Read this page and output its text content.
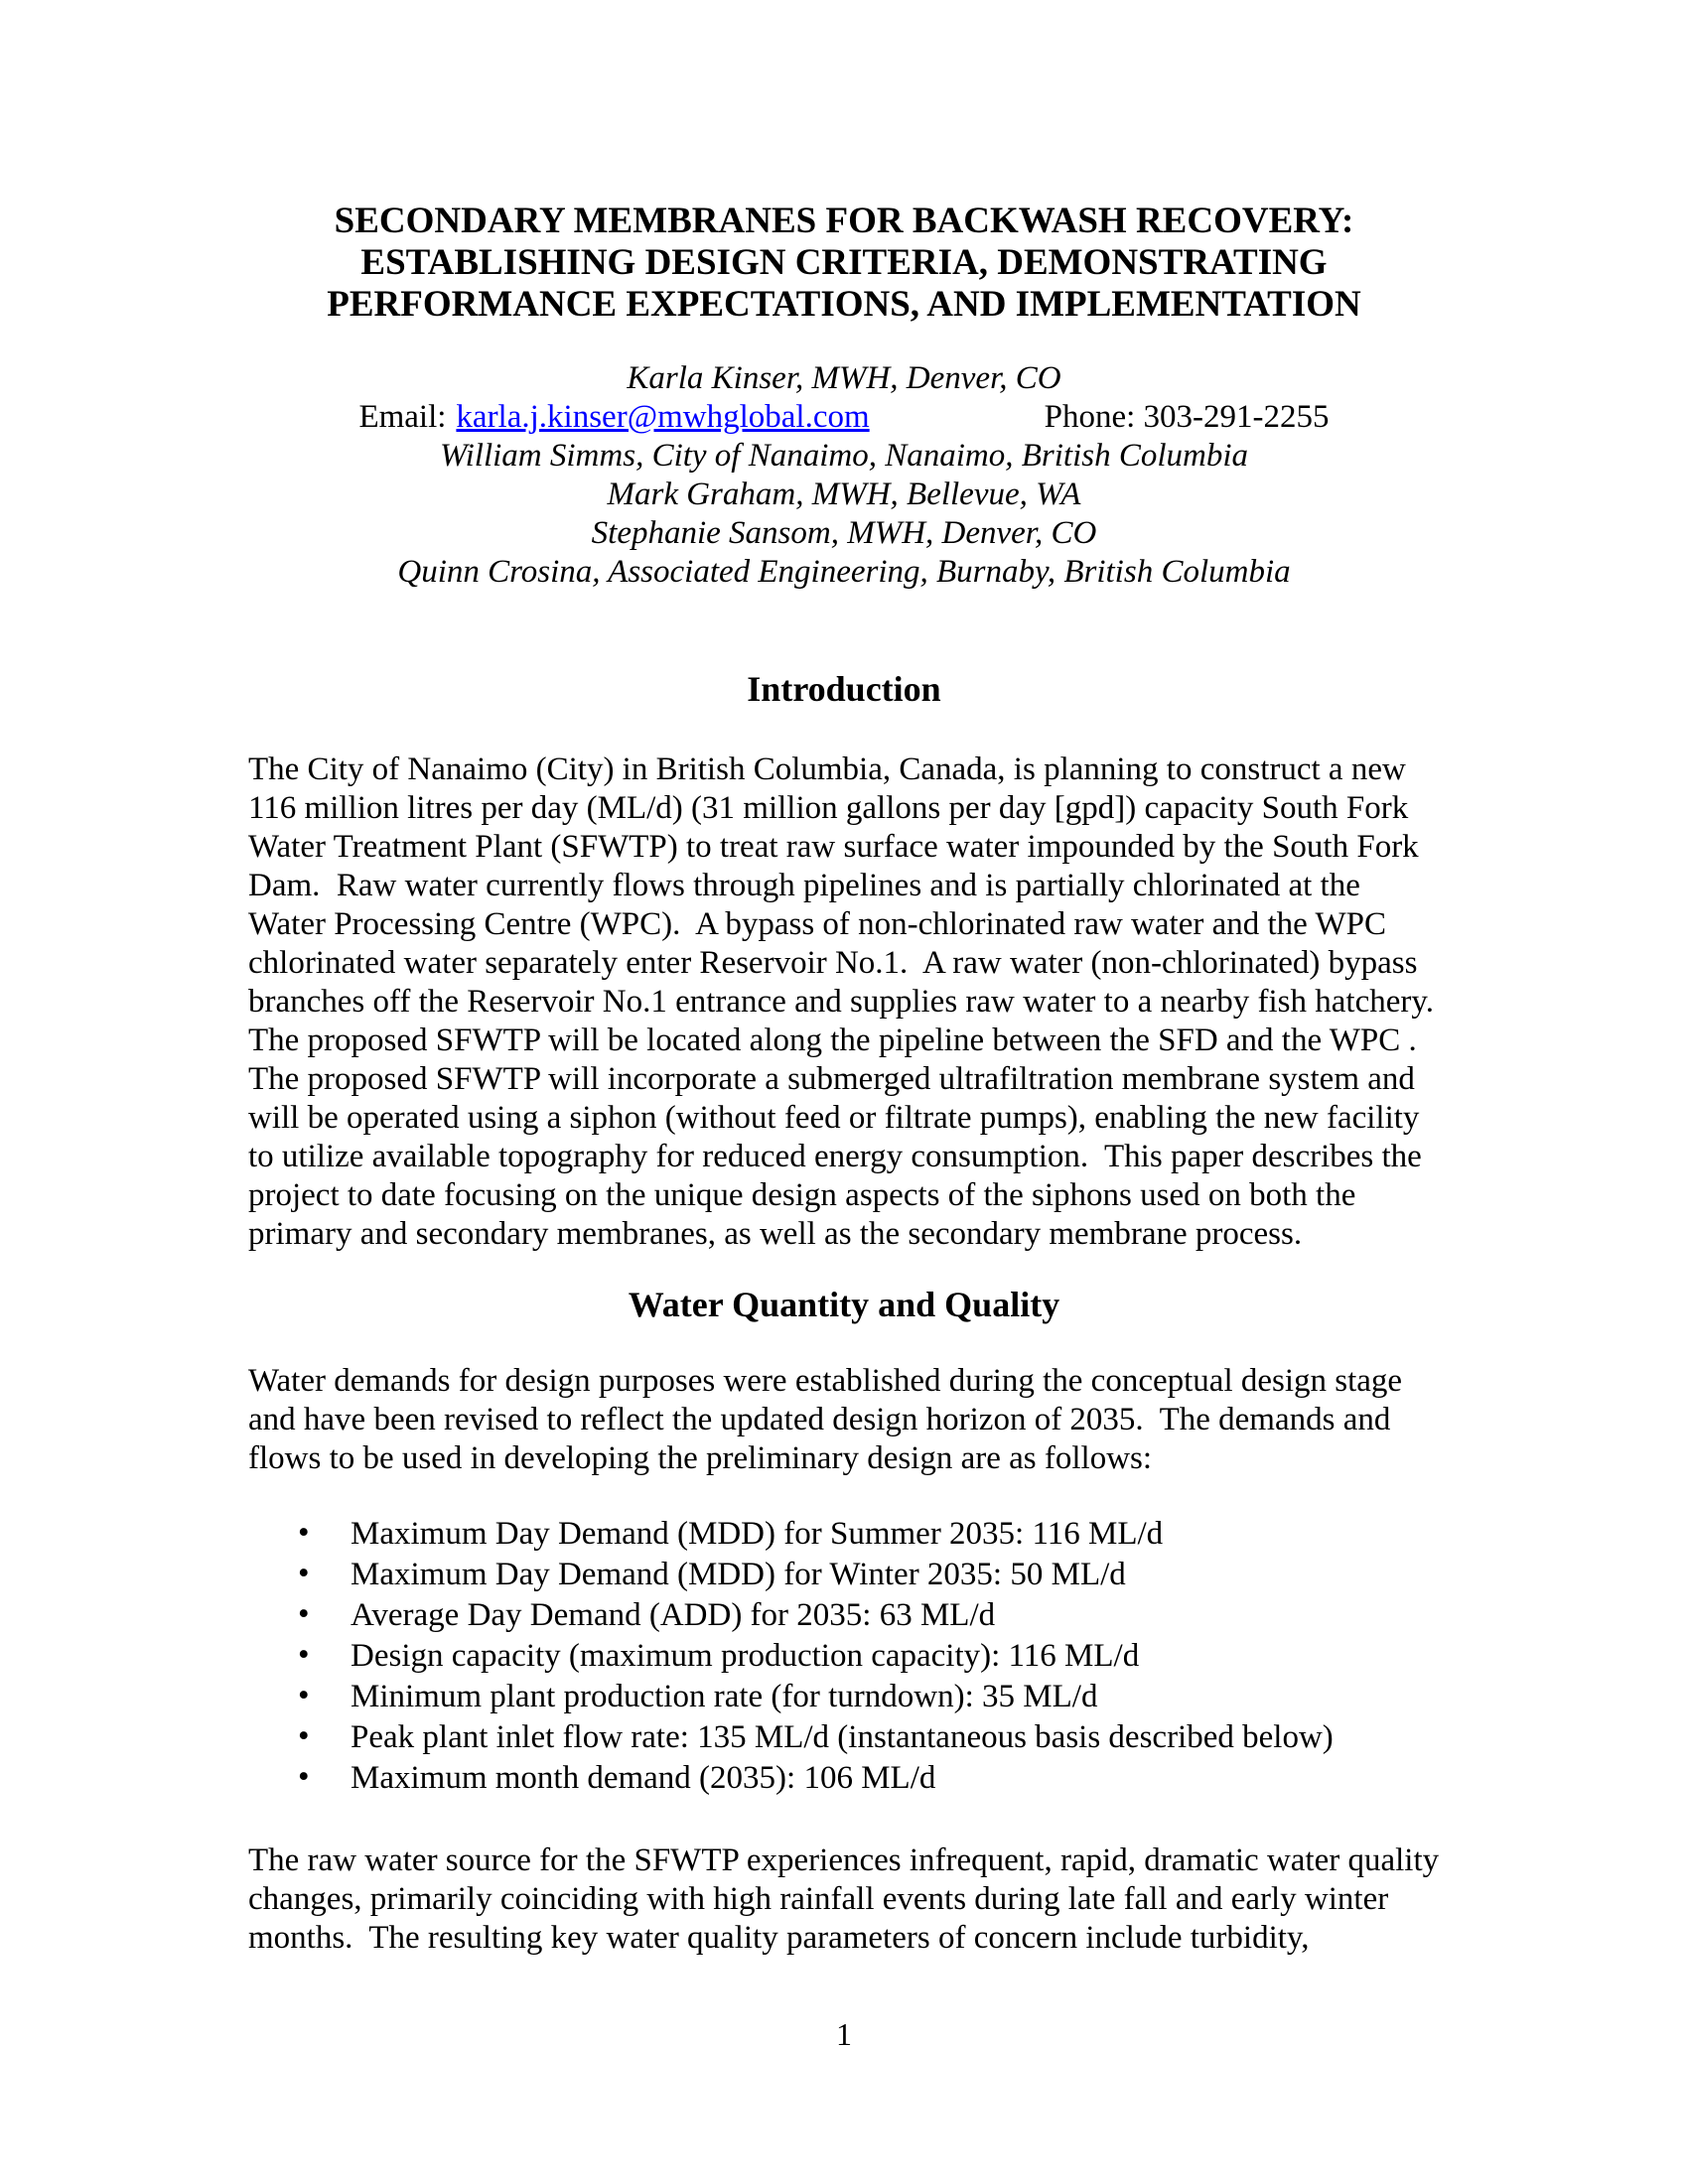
SECONDARY MEMBRANES FOR BACKWASH RECOVERY:
ESTABLISHING DESIGN CRITERIA, DEMONSTRATING
PERFORMANCE EXPECTATIONS, AND IMPLEMENTATION
Karla Kinser, MWH, Denver, CO
Email: karla.j.kinser@mwhglobal.com	Phone: 303-291-2255
William Simms, City of Nanaimo, Nanaimo, British Columbia
Mark Graham, MWH, Bellevue, WA
Stephanie Sansom, MWH, Denver, CO
Quinn Crosina, Associated Engineering, Burnaby, British Columbia
Introduction

The City of Nanaimo (City) in British Columbia, Canada, is planning to construct a new 116 million litres per day (ML/d) (31 million gallons per day [gpd]) capacity South Fork Water Treatment Plant (SFWTP) to treat raw surface water impounded by the South Fork Dam.  Raw water currently flows through pipelines and is partially chlorinated at the Water Processing Centre (WPC).  A bypass of non-chlorinated raw water and the WPC chlorinated water separately enter Reservoir No.1.  A raw water (non-chlorinated) bypass branches off the Reservoir No.1 entrance and supplies raw water to a nearby fish hatchery.  The proposed SFWTP will be located along the pipeline between the SFD and the WPC .  The proposed SFWTP will incorporate a submerged ultrafiltration membrane system and will be operated using a siphon (without feed or filtrate pumps), enabling the new facility to utilize available topography for reduced energy consumption.  This paper describes the project to date focusing on the unique design aspects of the siphons used on both the primary and secondary membranes, as well as the secondary membrane process.

Water Quantity and Quality

Water demands for design purposes were established during the conceptual design stage and have been revised to reflect the updated design horizon of 2035.  The demands and flows to be used in developing the preliminary design are as follows:

• Maximum Day Demand (MDD) for Summer 2035: 116 ML/d
• Maximum Day Demand (MDD) for Winter 2035: 50 ML/d
• Average Day Demand (ADD) for 2035: 63 ML/d
• Design capacity (maximum production capacity): 116 ML/d
• Minimum plant production rate (for turndown): 35 ML/d
• Peak plant inlet flow rate: 135 ML/d (instantaneous basis described below)
• Maximum month demand (2035): 106 ML/d

The raw water source for the SFWTP experiences infrequent, rapid, dramatic water quality changes, primarily coinciding with high rainfall events during late fall and early winter months.  The resulting key water quality parameters of concern include turbidity,

1
